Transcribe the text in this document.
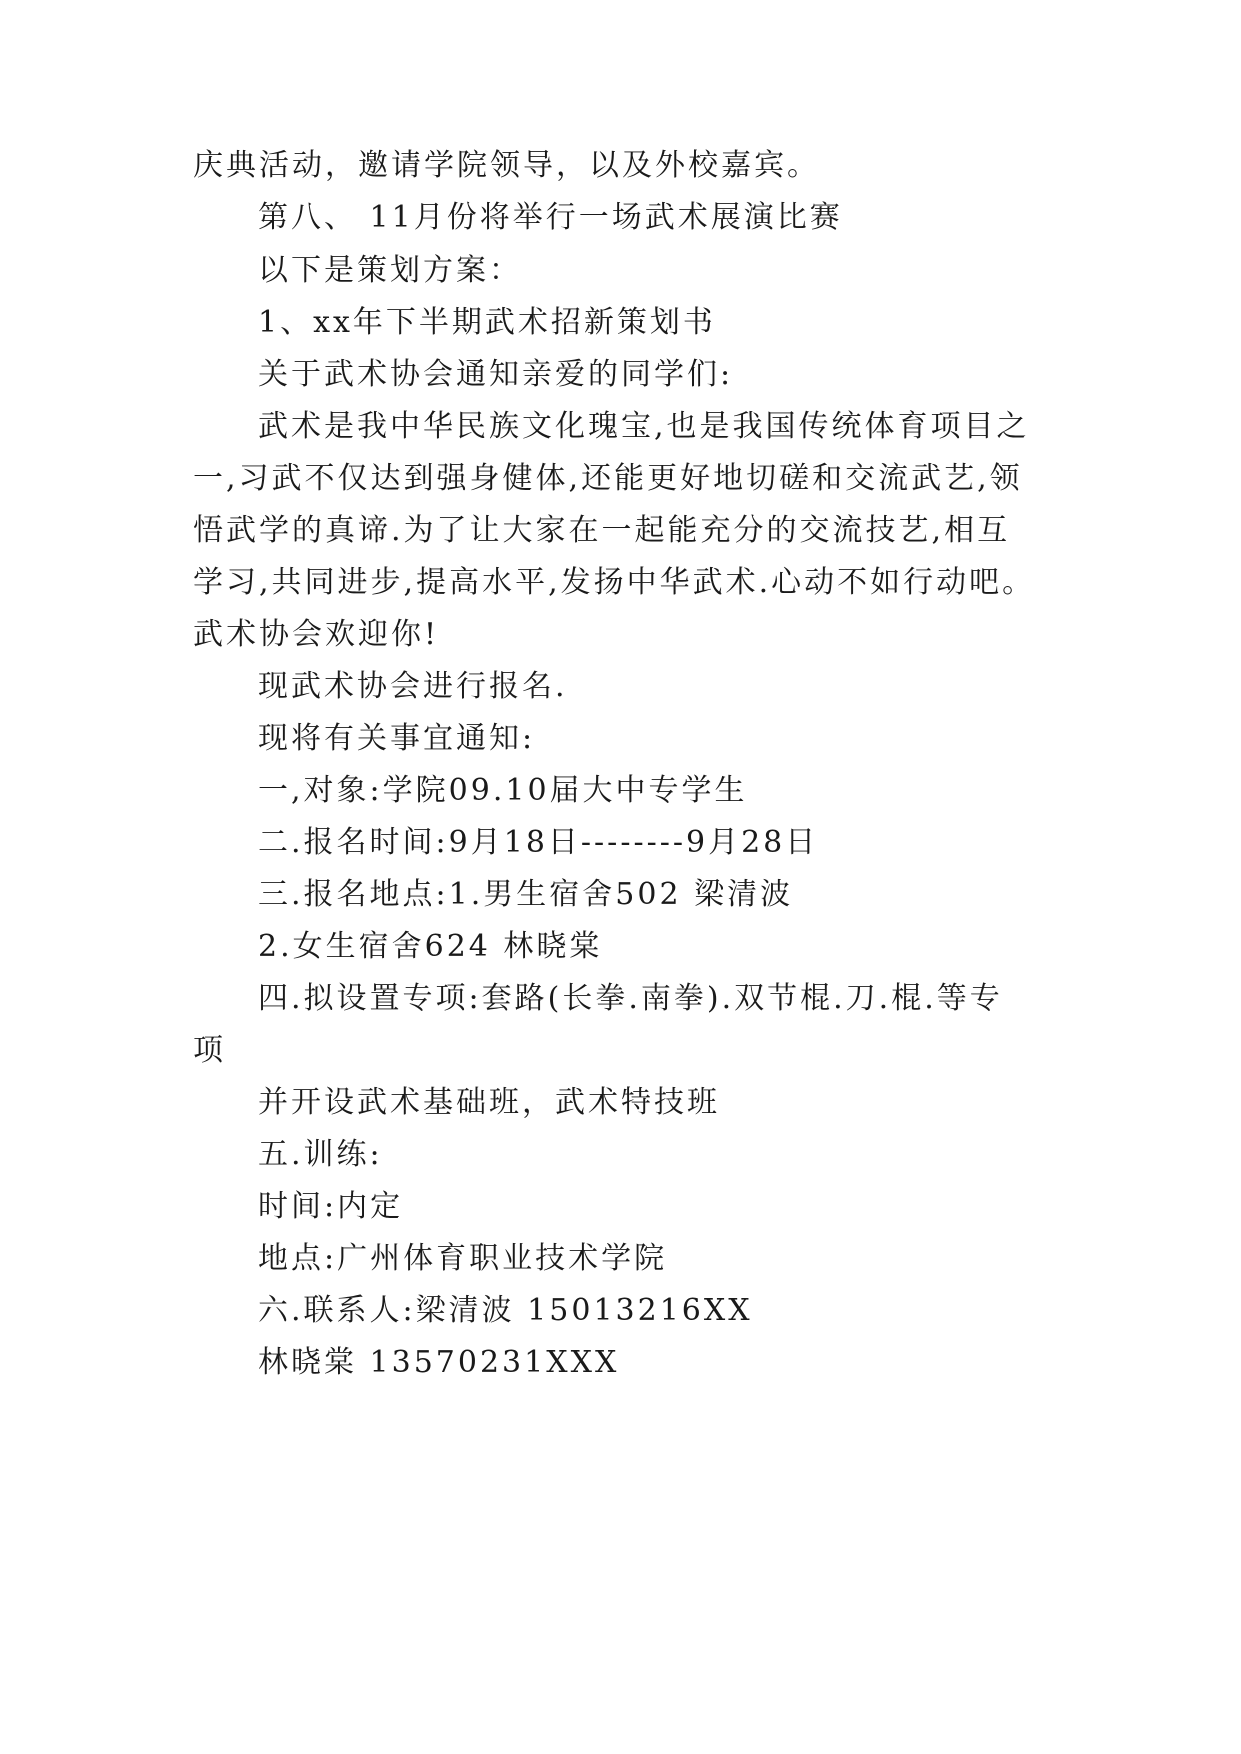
庆典活动，邀请学院领导，以及外校嘉宾。
第八、 11月份将举行一场武术展演比赛
以下是策划方案：
1、xx年下半期武术招新策划书
关于武术协会通知亲爱的同学们:
武术是我中华民族文化瑰宝,也是我国传统体育项目之
一,习武不仅达到强身健体,还能更好地切磋和交流武艺,领
悟武学的真谛.为了让大家在一起能充分的交流技艺,相互
学习,共同进步,提高水平,发扬中华武术.心动不如行动吧。
武术协会欢迎你!
现武术协会进行报名.
现将有关事宜通知:
一,对象:学院09.10届大中专学生
二.报名时间:9月18日--------9月28日
三.报名地点:1.男生宿舍502 梁清波
2.女生宿舍624 林晓棠
四.拟设置专项:套路(长拳.南拳).双节棍.刀.棍.等专
项
并开设武术基础班，武术特技班
五.训练:
时间:内定
地点:广州体育职业技术学院
六.联系人:梁清波 15013216XX
林晓棠 13570231XXX
